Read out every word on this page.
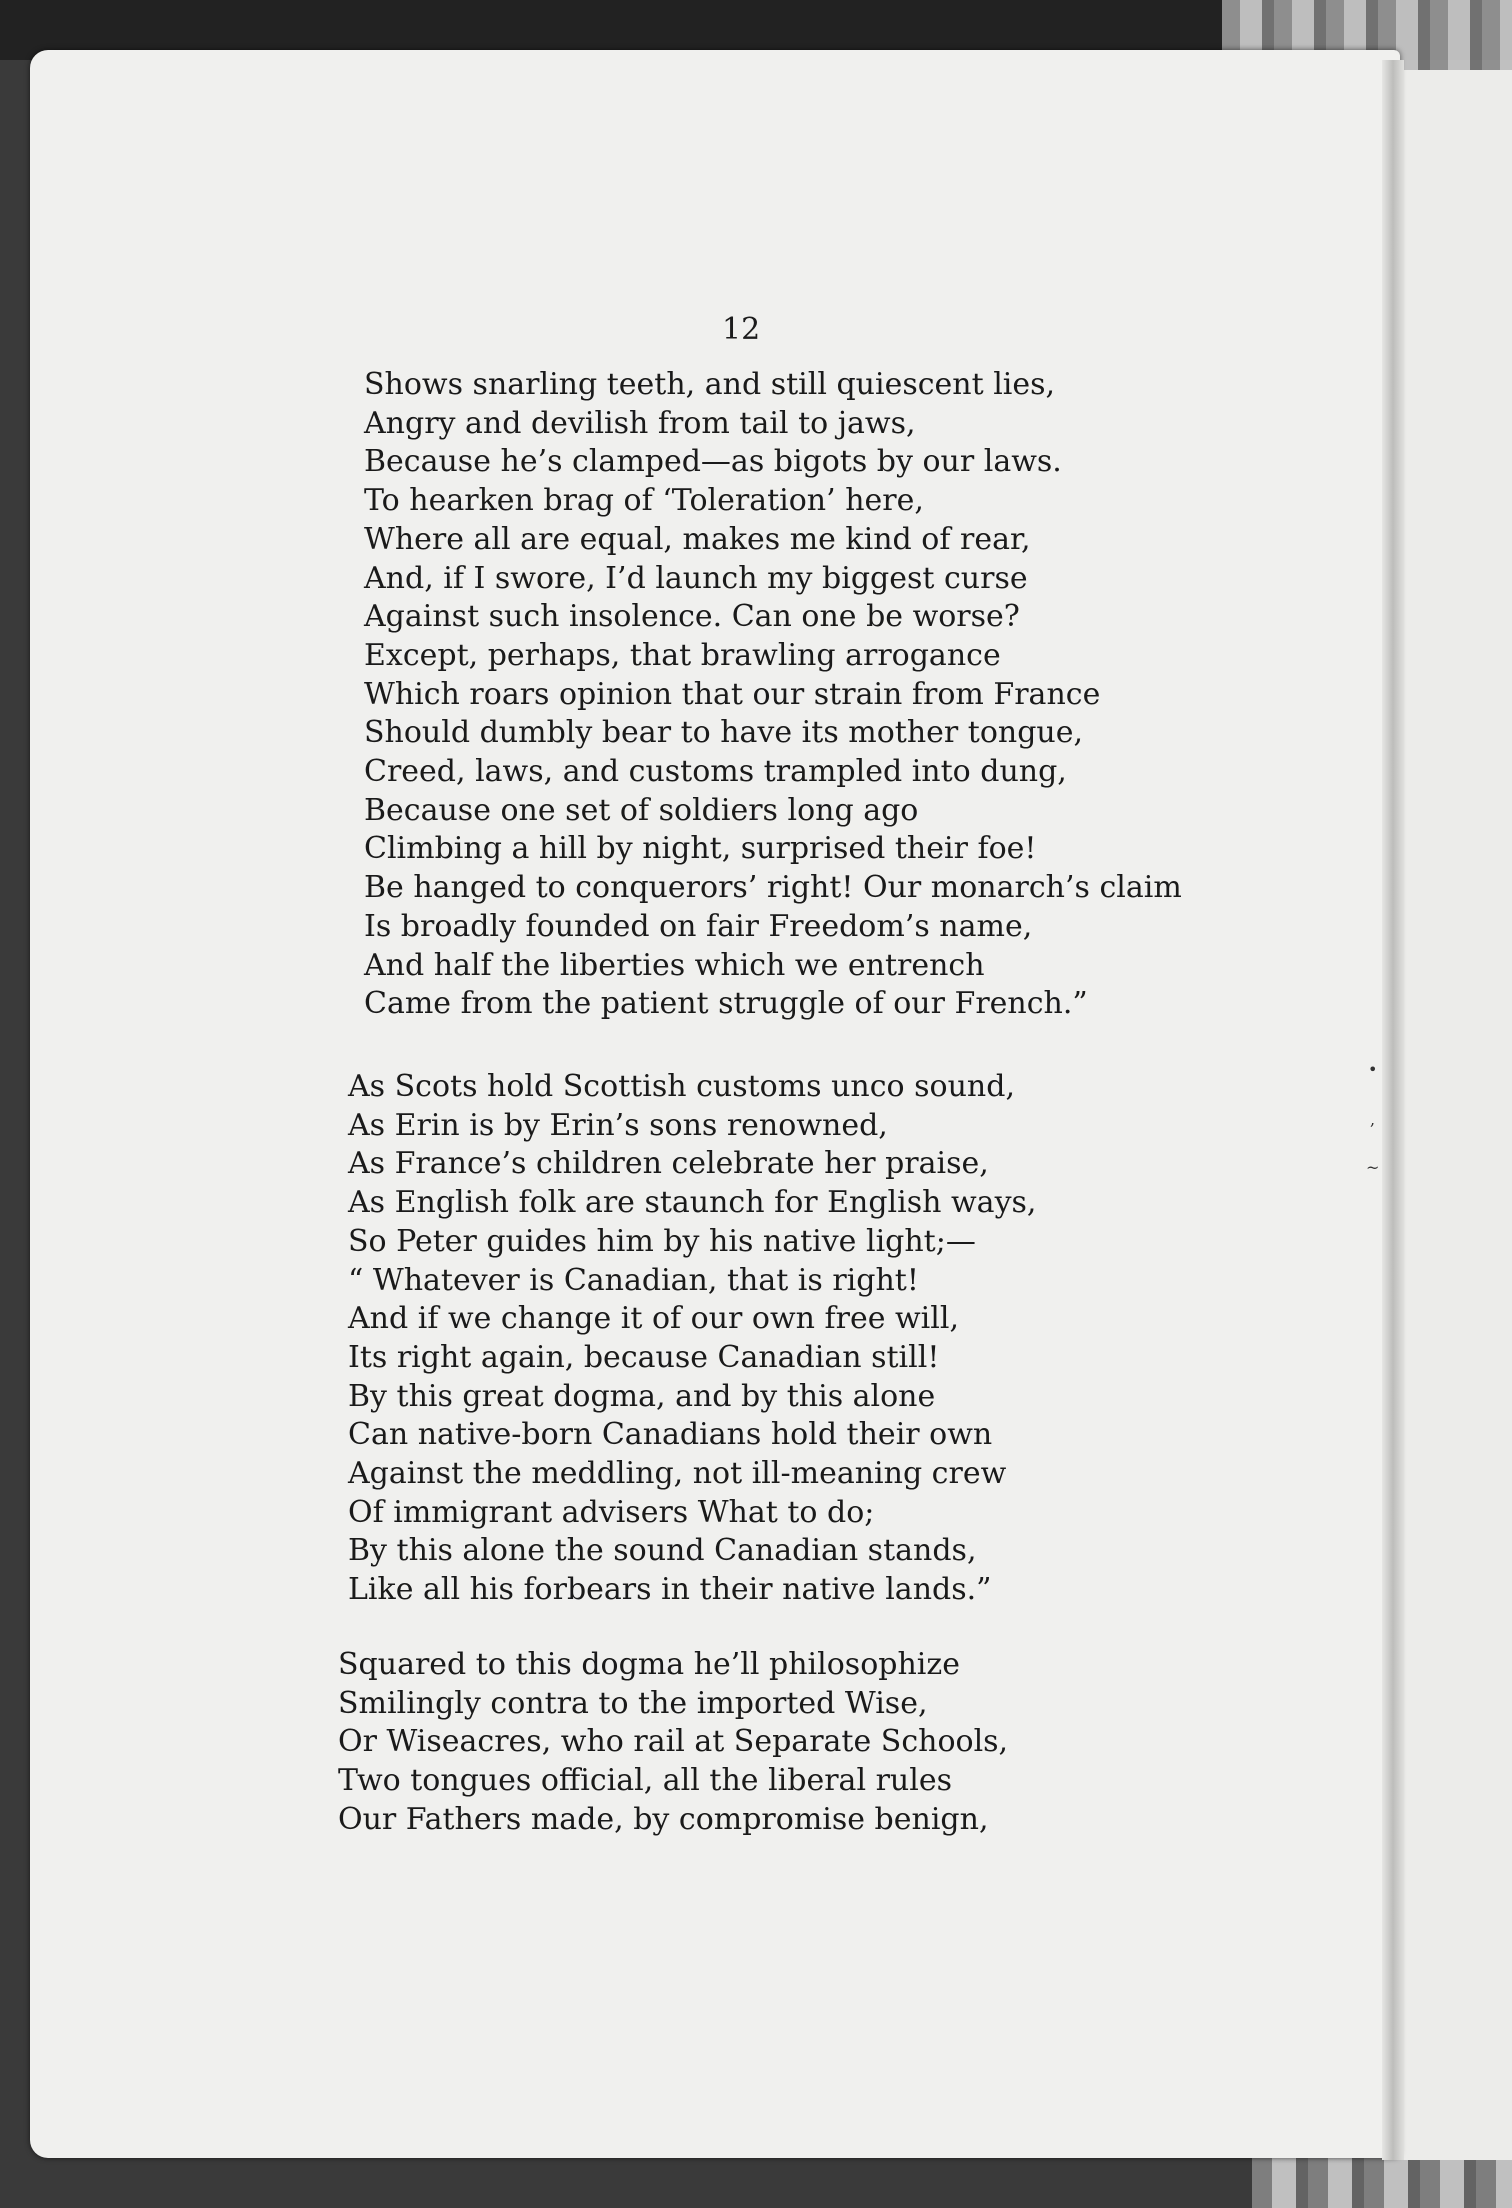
12
Shows snarling teeth, and still quiescent lies,
Angry and devilish from tail to jaws,
Because he’s clamped—as bigots by our laws.
To hearken brag of ‘Toleration’ here,
Where all are equal, makes me kind of rear,
And, if I swore, I’d launch my biggest curse
Against such insolence. Can one be worse?
Except, perhaps, that brawling arrogance
Which roars opinion that our strain from France
Should dumbly bear to have its mother tongue,
Creed, laws, and customs trampled into dung,
Because one set of soldiers long ago
Climbing a hill by night, surprised their foe!
Be hanged to conquerors’ right! Our monarch’s claim
Is broadly founded on fair Freedom’s name,
And half the liberties which we entrench
Came from the patient struggle of our French.”
As Scots hold Scottish customs unco sound,
As Erin is by Erin’s sons renowned,
As France’s children celebrate her praise,
As English folk are staunch for English ways,
So Peter guides him by his native light;—
“ Whatever is Canadian, that is right!
And if we change it of our own free will,
Its right again, because Canadian still!
By this great dogma, and by this alone
Can native-born Canadians hold their own
Against the meddling, not ill-meaning crew
Of immigrant advisers What to do;
By this alone the sound Canadian stands,
Like all his forbears in their native lands.”
Squared to this dogma he’ll philosophize
Smilingly contra to the imported Wise,
Or Wiseacres, who rail at Separate Schools,
Two tongues official, all the liberal rules
Our Fathers made, by compromise benign,
•
,
~
